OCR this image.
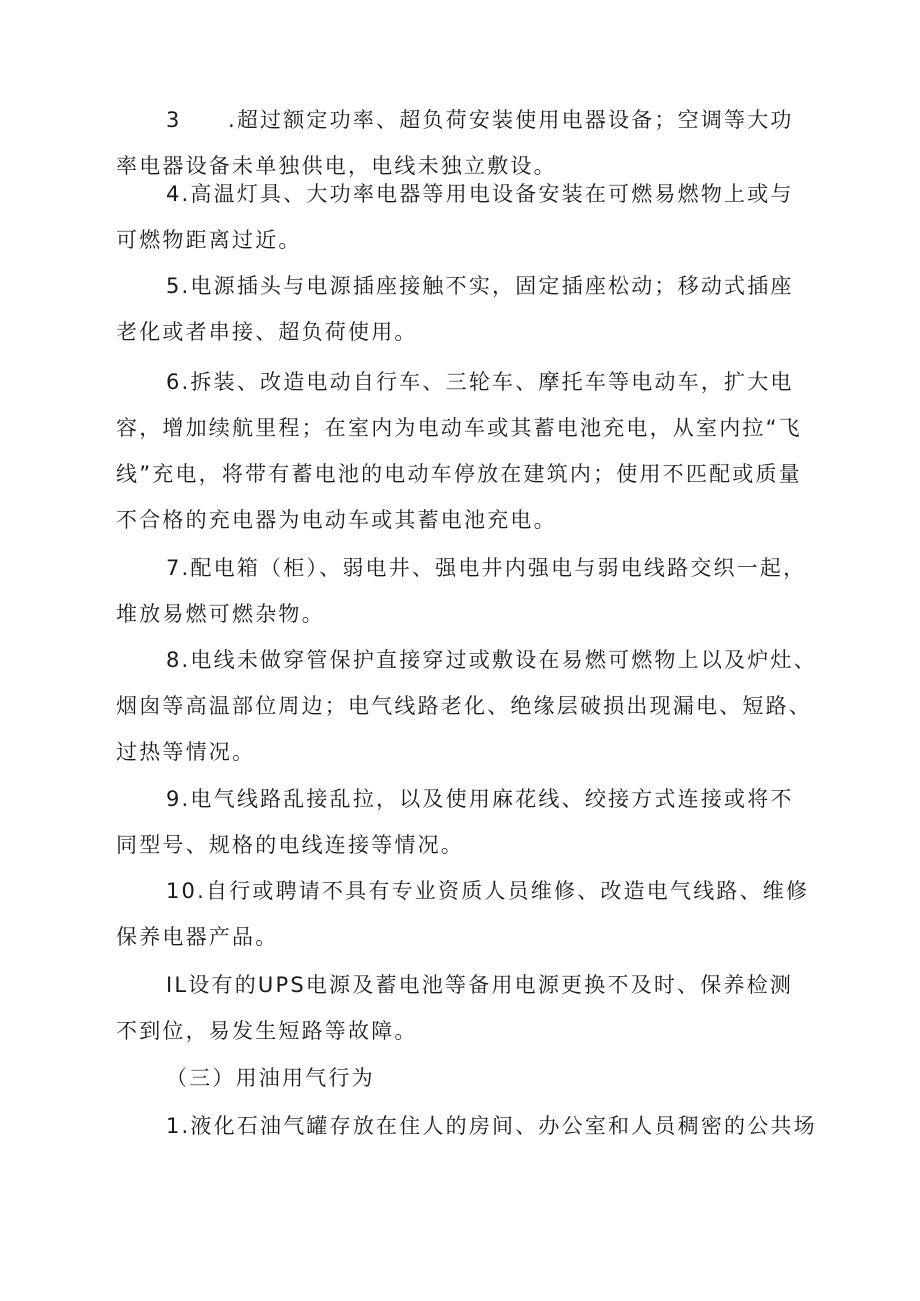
3　　.超过额定功率、超负荷安装使用电器设备；空调等大功
率电器设备未单独供电，电线未独立敷设。
4.高温灯具、大功率电器等用电设备安装在可燃易燃物上或与
可燃物距离过近。
5.电源插头与电源插座接触不实，固定插座松动；移动式插座
老化或者串接、超负荷使用。
6.拆装、改造电动自行车、三轮车、摩托车等电动车，扩大电
容，增加续航里程；在室内为电动车或其蓄电池充电，从室内拉“飞
线”充电，将带有蓄电池的电动车停放在建筑内；使用不匹配或质量
不合格的充电器为电动车或其蓄电池充电。
7.配电箱（柜）、弱电井、强电井内强电与弱电线路交织一起，
堆放易燃可燃杂物。
8.电线未做穿管保护直接穿过或敷设在易燃可燃物上以及炉灶、
烟囱等高温部位周边；电气线路老化、绝缘层破损出现漏电、短路、
过热等情况。
9.电气线路乱接乱拉，以及使用麻花线、绞接方式连接或将不
同型号、规格的电线连接等情况。
10.自行或聘请不具有专业资质人员维修、改造电气线路、维修
保养电器产品。
IL设有的UPS电源及蓄电池等备用电源更换不及时、保养检测
不到位，易发生短路等故障。
（三）用油用气行为
1.液化石油气罐存放在住人的房间、办公室和人员稠密的公共场
